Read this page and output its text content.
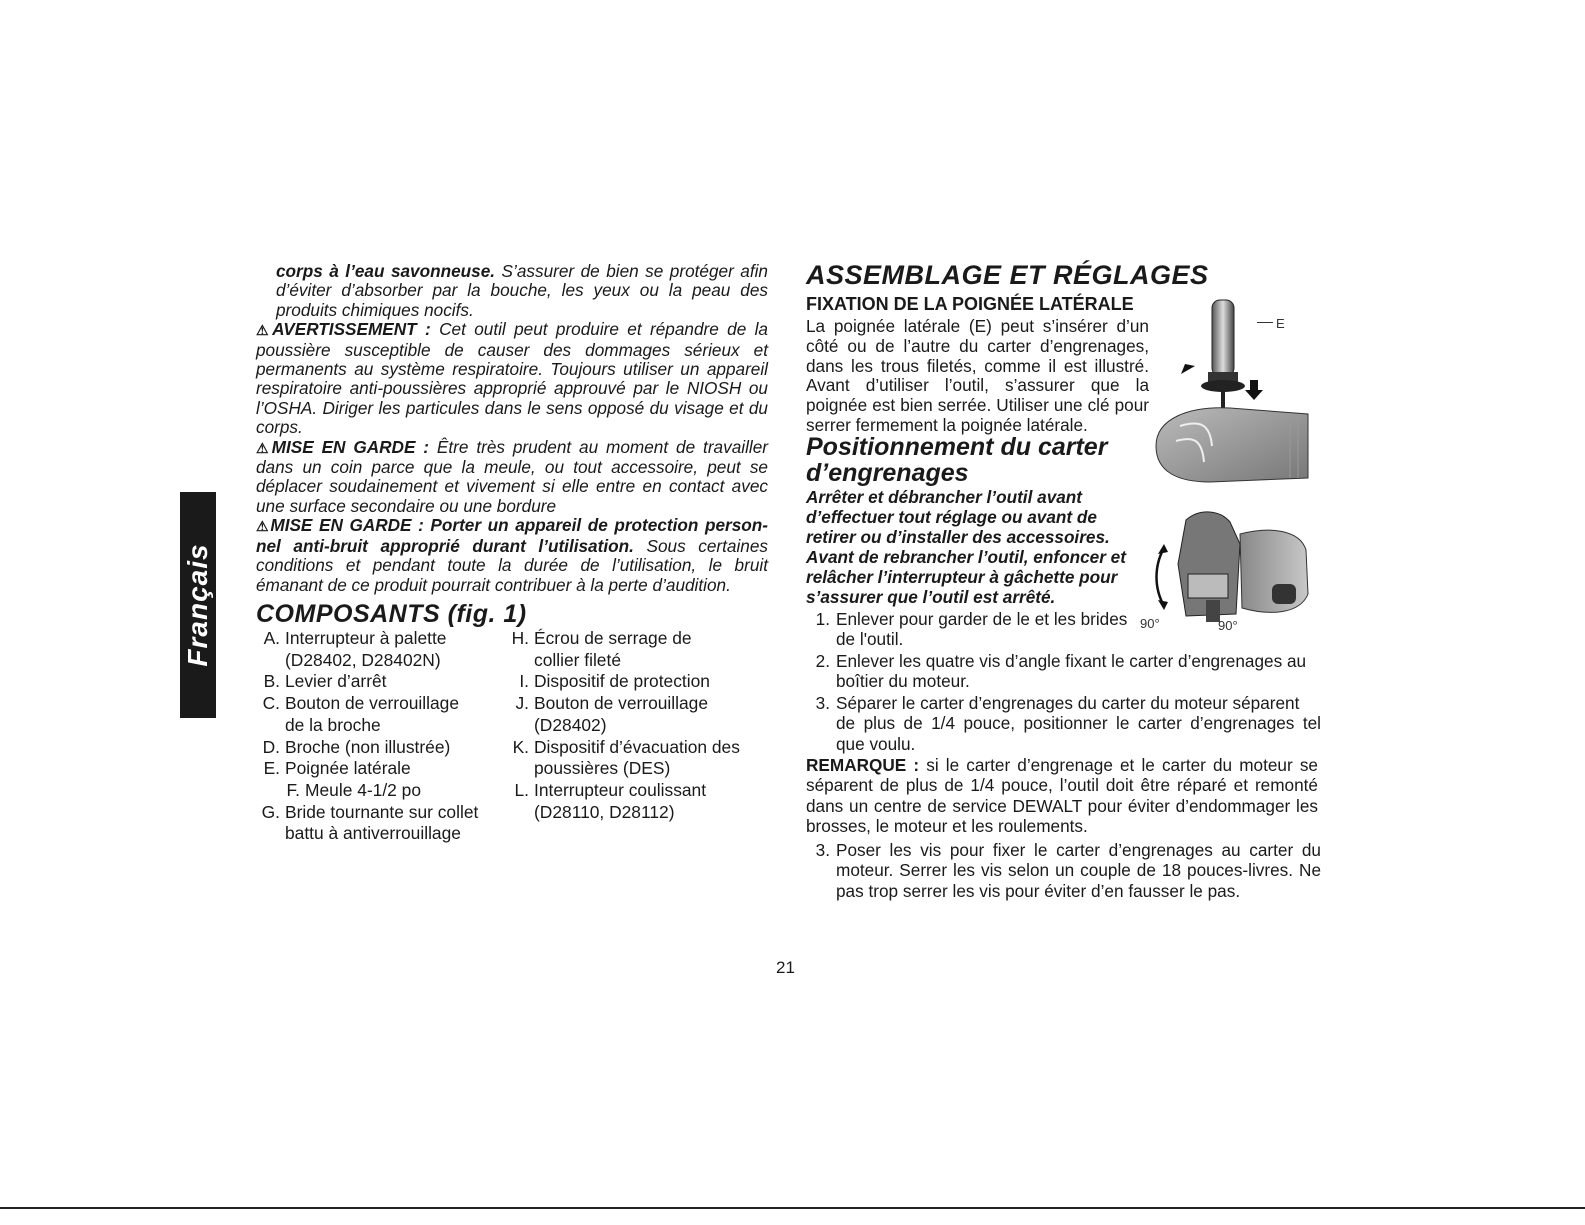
Français

corps à l’eau savonneuse. S’assurer de bien se protéger afin d’éviter d’absorber par la bouche, les yeux ou la peau des produits chimiques nocifs.

⚠AVERTISSEMENT : Cet outil peut produire et répandre de la poussière susceptible de causer des dommages sérieux et permanents au système respiratoire. Toujours utiliser un appareil respiratoire anti-poussières approprié approuvé par le NIOSH ou l’OSHA. Diriger les particules dans le sens opposé du visage et du corps.

⚠MISE EN GARDE : Être très prudent au moment de travailler dans un coin parce que la meule, ou tout accessoire, peut se déplacer soudainement et vivement si elle entre en contact avec une surface secondaire ou une bordure

⚠MISE EN GARDE : Porter un appareil de protection person-nel anti-bruit approprié durant l’utilisation. Sous certaines conditions et pendant toute la durée de l’utilisation, le bruit émanant de ce produit pourrait contribuer à la perte d’audition.

COMPOSANTS (fig. 1)
A. Interrupteur à palette
(D28402, D28402N)
B. Levier d’arrêt
C. Bouton de verrouillage
de la broche
D. Broche (non illustrée)
E. Poignée latérale
F. Meule 4-1/2 po
G. Bride tournante sur collet
battu à antiverrouillage
H. Écrou de serrage de
collier fileté
I. Dispositif de protection
J. Bouton de verrouillage
(D28402)
K. Dispositif d’évacuation des
poussières (DES)
L. Interrupteur coulissant
(D28110, D28112)
ASSEMBLAGE ET RÉGLAGES
FIXATION DE LA POIGNÉE LATÉRALE
La poignée latérale (E) peut s’insérer d’un côté ou de l’autre du carter d’engrenages, dans les trous filetés, comme il est illustré. Avant d’utiliser l’outil, s’assurer que la poignée est bien serrée. Utiliser une clé pour serrer fermement la poignée latérale.
E
Positionnement du carter d’engrenages
Arrêter et débrancher l’outil avant d’effectuer tout réglage ou avant de retirer ou d’installer des accessoires. Avant de rebrancher l’outil, enfoncer et relâcher l’interrupteur à gâchette pour s’assurer que l’outil est arrêté.
1. Enlever pour garder de le et les brides
de l'outil.
90°	90°
2. Enlever les quatre vis d’angle fixant le carter d’engrenages au
boîtier du moteur.
3. Séparer le carter d’engrenages du carter du moteur séparent
de plus de 1/4 pouce, positionner le carter d’engrenages tel que voulu.
REMARQUE : si le carter d’engrenage et le carter du moteur se séparent de plus de 1/4 pouce, l’outil doit être réparé et remonté dans un centre de service DEWALT pour éviter d’endommager les brosses, le moteur et les roulements.
3. Poser les vis pour fixer le carter d’engrenages au carter du moteur. Serrer les vis selon un couple de 18 pouces-livres. Ne pas trop serrer les vis pour éviter d’en fausser le pas.
21
